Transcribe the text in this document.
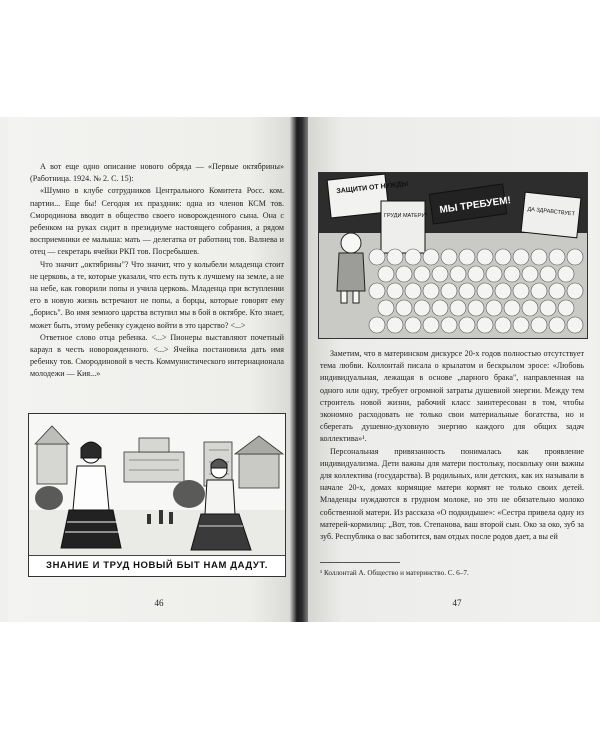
А вот еще одно описание нового обряда — «Первые октябрины» (Работница. 1924. № 2. С. 15):

«Шумно в клубе сотрудников Центрального Комитета Росс. ком. партии... Еще бы! Сегодня их праздник: одна из членов КСМ тов. Смородинова вводит в общество своего новорожденного сына. Она с ребенком на руках сидит в президиуме настоящего собрания, а рядом восприемники ее малыша: мать — делегатка от работниц тов. Валнева и отец — секретарь ячейки РКП тов. Посребышев.

Что значит „октябрины"? Что значит, что у колыбели младенца стоит не церковь, а те, которые указали, что есть путь к лучшему на земле, а не на небе, как говорили попы и учила церковь. Младенца при вступлении его в новую жизнь встречают не попы, а борцы, которые говорят ему „борись". Во имя земного царства вступил мы в бой в октябре. Кто знает, может быть, этому ребенку суждено войти в это царство? <...>

Ответное слово отца ребенка. <...> Пионеры выставляют почетный караул в честь новорожденного. <...> Ячейка постановила дать имя ребенку тов. Смородиновой в честь Коммунистического интернационала молодежи — Кия...»

ЗНАНИЕ И ТРУД НОВЫЙ БЫТ НАМ ДАДУТ.
46
ЗАЩИТИ ОТ НУЖДЫ
МЫ ТРЕБУЕМ!
ГРУДИ МАТЕРИ!	ДА ЗДРАВСТВУЕТ

Заметим, что в материнском дискурсе 20-х годов полностью отсутствует тема любви. Коллонтай писала о крылатом и бескрылом эросе: «Любовь индивидуальная, лежащая в основе „парного брака", направленная на одного или одну, требует огромной затраты душевной энергии. Между тем строитель новой жизни, рабочий класс заинтересован в том, чтобы экономно расходовать не только свои материальные богатства, но и сберегать душевно-духовную энергию каждого для общих задач коллектива»¹.

Персональная привязанность понималась как проявление индивидуализма. Дети важны для матери постольку, поскольку они важны для коллектива (государства). В родильных, или детских, как их называли в начале 20-х, домах кормящие матери кормят не только своих детей. Младенцы нуждаются в грудном молоке, но это не обязательно молоко собственной матери. Из рассказа «О подкидыше»: «Сестра привела одну из матерей-кормилиц: „Вот, тов. Степанова, ваш второй сын. Око за око, зуб за зуб. Республика о вас заботится, вам отдых после родов дает, а вы ей

¹ Коллонтай А. Общество и материнство. С. 6–7.
47
